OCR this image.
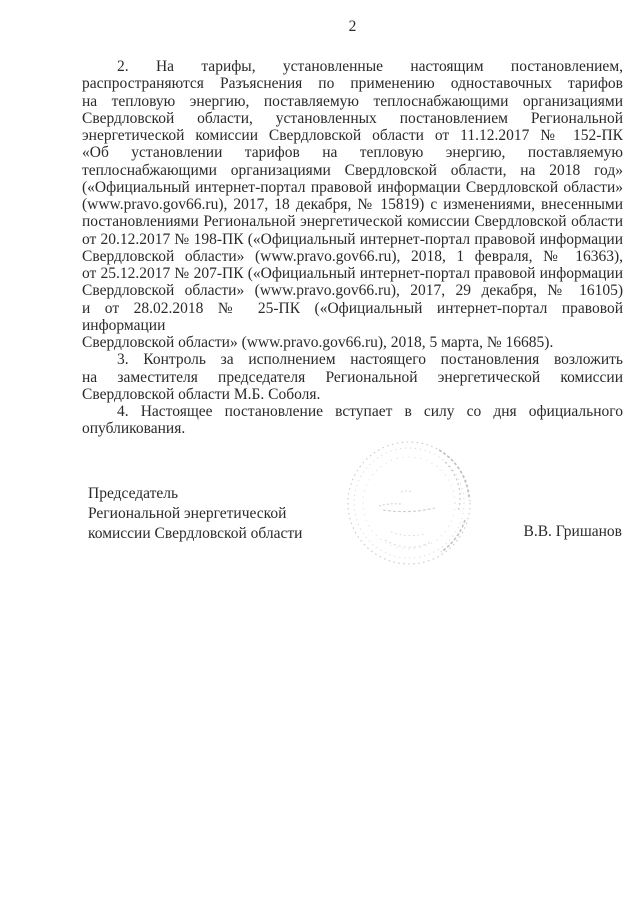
2
2. На тарифы, установленные настоящим постановлением,
распространяются Разъяснения по применению одноставочных тарифов
на тепловую энергию, поставляемую теплоснабжающими организациями
Свердловской области, установленных постановлением Региональной
энергетической комиссии Свердловской области от 11.12.2017 № 152-ПК
«Об установлении тарифов на тепловую энергию, поставляемую
теплоснабжающими организациями Свердловской области, на 2018 год»
(«Официальный интернет-портал правовой информации Свердловской области»
(www.pravo.gov66.ru), 2017, 18 декабря, № 15819) с изменениями, внесенными
постановлениями Региональной энергетической комиссии Свердловской области
от 20.12.2017 № 198-ПК («Официальный интернет-портал правовой информации
Свердловской области» (www.pravo.gov66.ru), 2018, 1 февраля, № 16363),
от 25.12.2017 № 207-ПК («Официальный интернет-портал правовой информации
Свердловской области» (www.pravo.gov66.ru), 2017, 29 декабря, № 16105)
и от 28.02.2018 № 25-ПК («Официальный интернет-портал правовой информации
Свердловской области» (www.pravo.gov66.ru), 2018, 5 марта, № 16685).
3. Контроль за исполнением настоящего постановления возложить
на заместителя председателя Региональной энергетической комиссии
Свердловской области М.Б. Соболя.
4. Настоящее постановление вступает в силу со дня официального
опубликования.
Председатель
Региональной энергетической
комиссии Свердловской области	В.В. Гришанов
